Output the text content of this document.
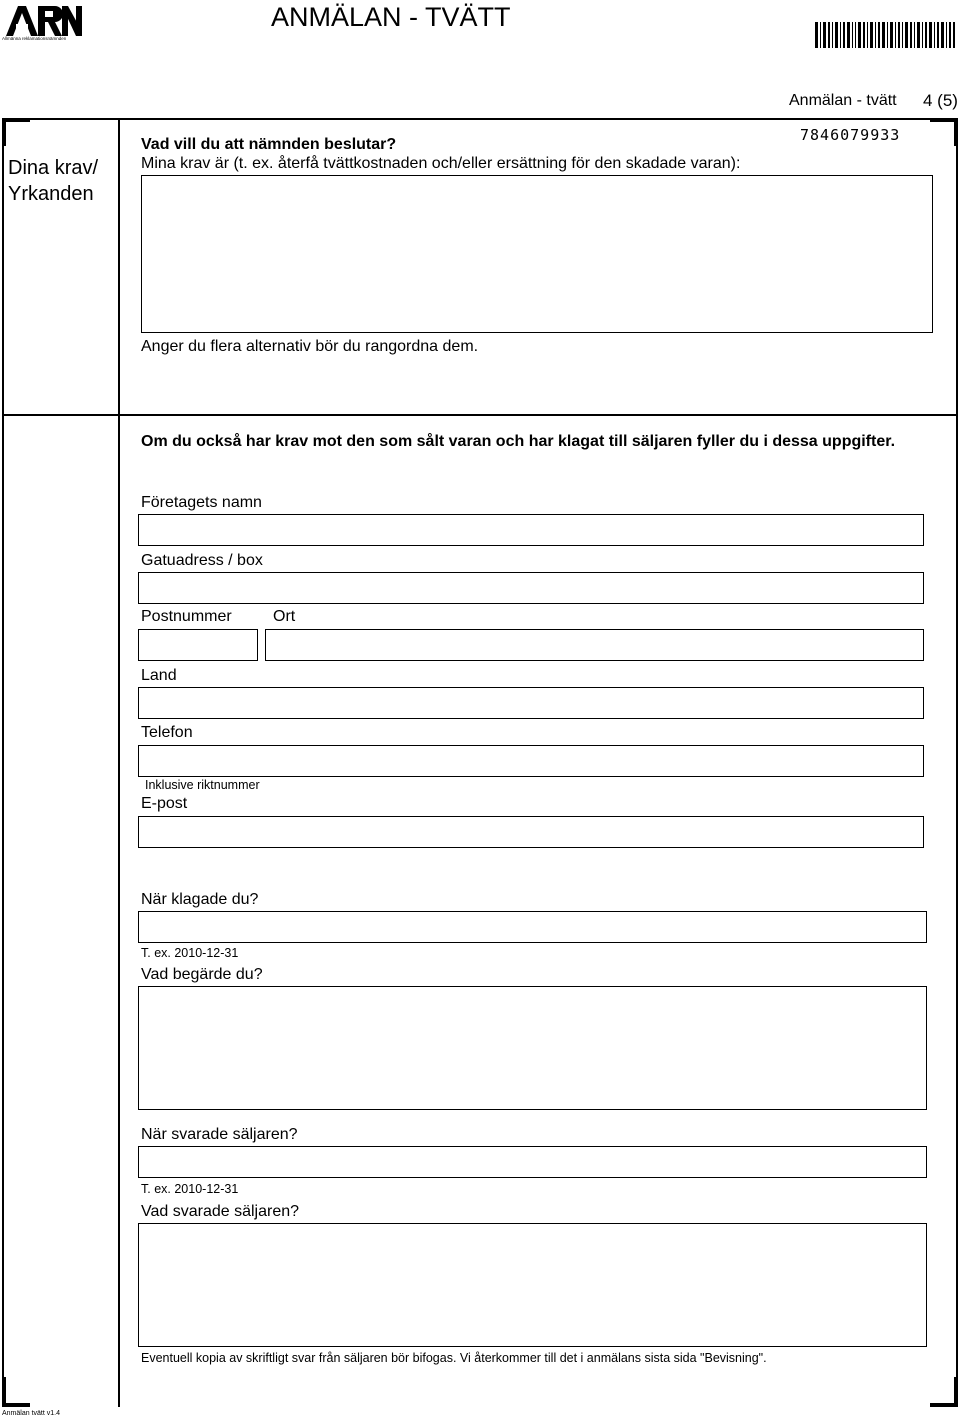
Allmänna reklamationsnämnden
ANMÄLAN - TVÄTT
Anmälan - tvätt 4 (5)
7846079933
Dina krav/
Yrkanden
Vad vill du att nämnden beslutar?
Mina krav är (t. ex. återfå tvättkostnaden och/eller ersättning för den skadade varan):
Anger du flera alternativ bör du rangordna dem.
Om du också har krav mot den som sålt varan och har klagat till säljaren fyller du i dessa uppgifter.
Företagets namn
Gatuadress / box
Postnummer	Ort
Land
Telefon
Inklusive riktnummer
E-post
När klagade du?
T. ex. 2010-12-31
Vad begärde du?
När svarade säljaren?
T. ex. 2010-12-31
Vad svarade säljaren?
Eventuell kopia av skriftligt svar från säljaren bör bifogas. Vi återkommer till det i anmälans sista sida "Bevisning".
Anmälan tvätt v1.4
